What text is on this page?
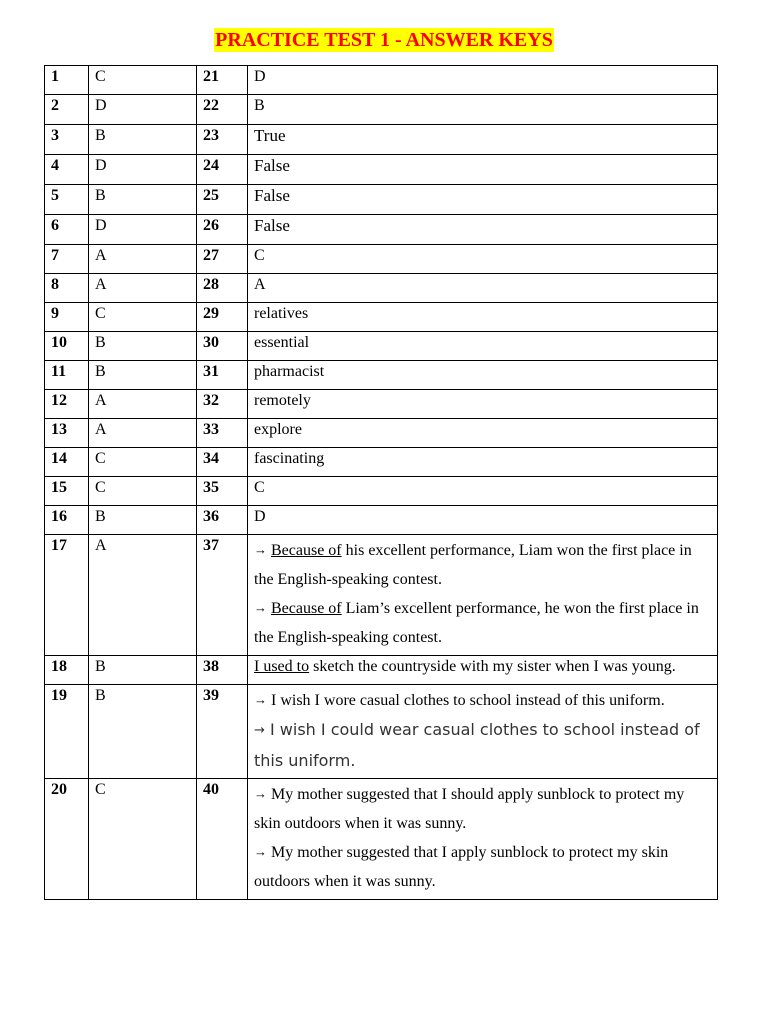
PRACTICE TEST 1 - ANSWER KEYS
1	C	21	D
2	D	22	B
3	B	23	True
4	D	24	False
5	B	25	False
6	D	26	False
7	A	27	C
8	A	28	A
9	C	29	relatives
10	B	30	essential
11	B	31	pharmacist
12	A	32	remotely
13	A	33	explore
14	C	34	fascinating
15	C	35	C
16	B	36	D
17	A	37	→ Because of his excellent performance, Liam won the first place in the English-speaking contest.
→ Because of Liam’s excellent performance, he won the first place in the English-speaking contest.

18	B	38	I used to sketch the countryside with my sister when I was young.

19	B	39	→ I wish I wore casual clothes to school instead of this uniform.
→ I wish I could wear casual clothes to school instead of this uniform.

20	C	40	→ My mother suggested that I should apply sunblock to protect my skin outdoors when it was sunny.
→ My mother suggested that I apply sunblock to protect my skin outdoors when it was sunny.
